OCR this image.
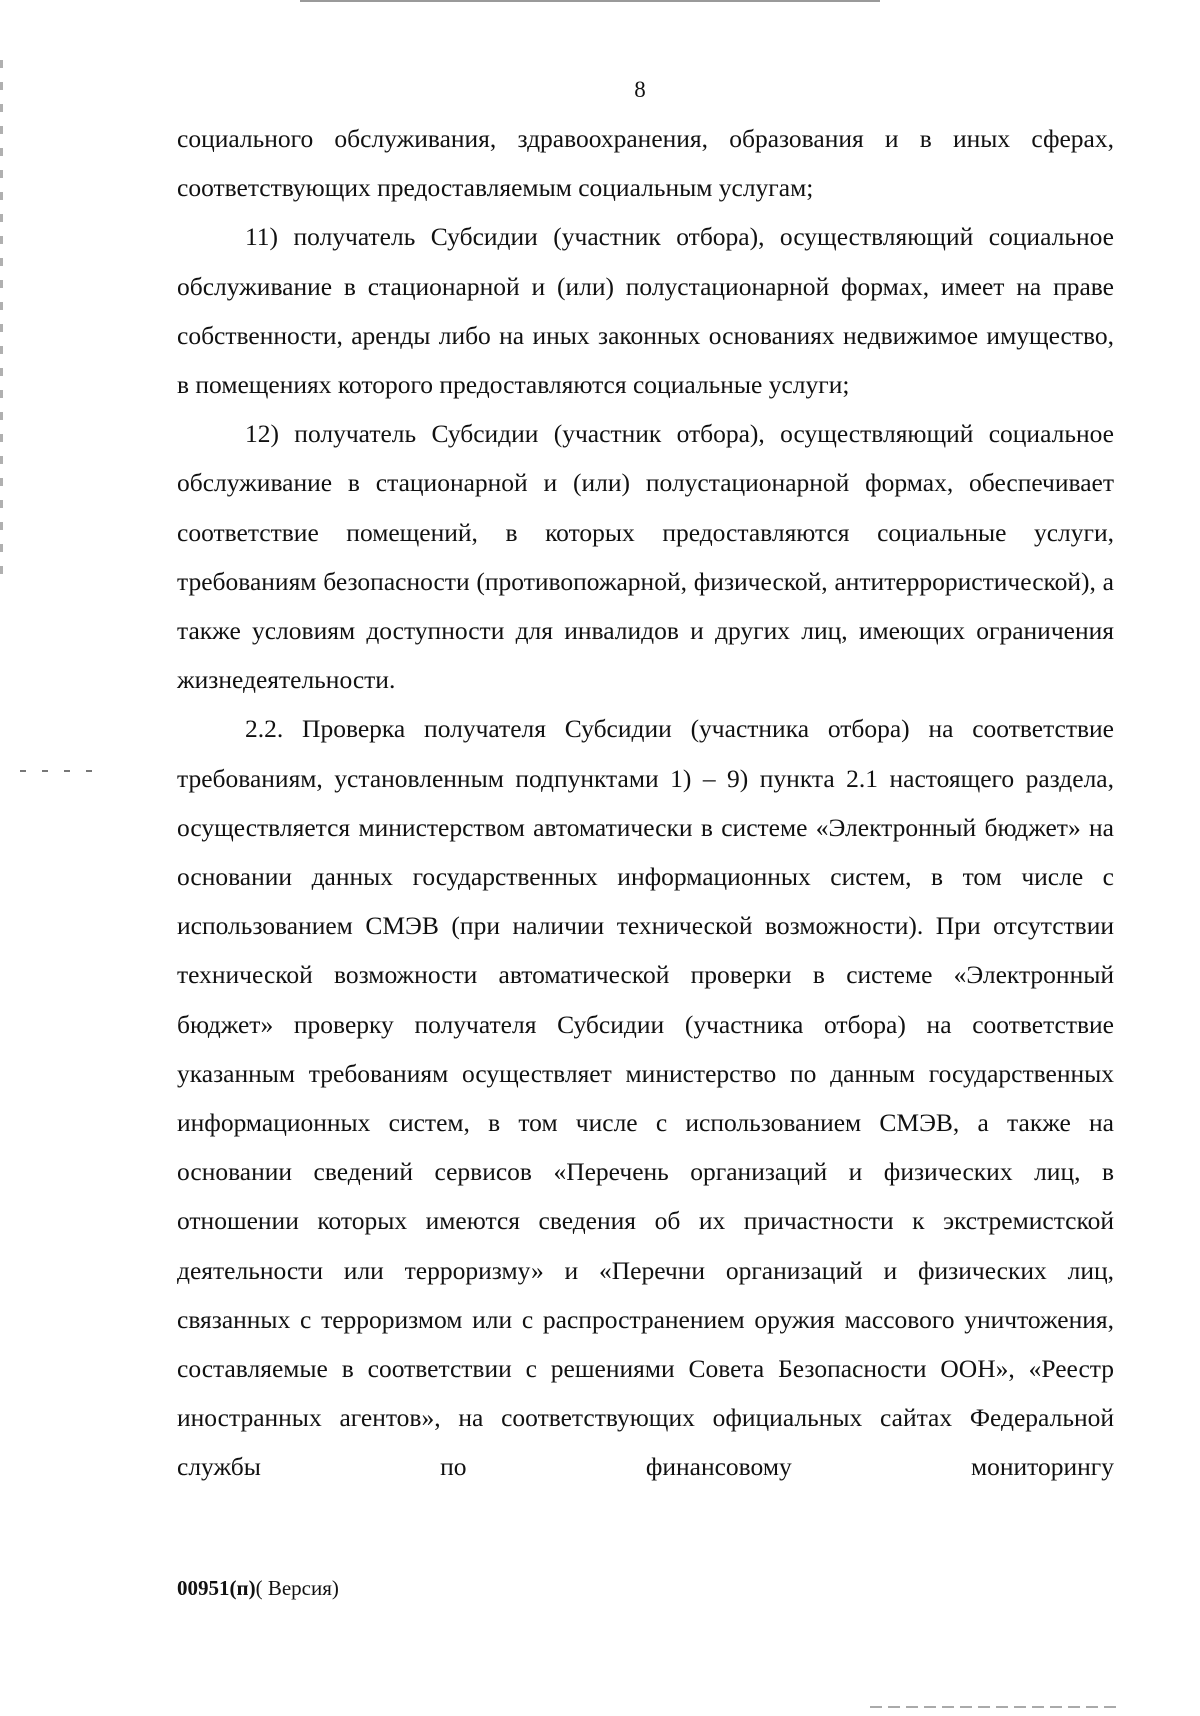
8

социального обслуживания, здравоохранения, образования и в иных сферах, соответствующих предоставляемым социальным услугам;

11) получатель Субсидии (участник отбора), осуществляющий социальное обслуживание в стационарной и (или) полустационарной формах, имеет на праве собственности, аренды либо на иных законных основаниях недвижимое имущество, в помещениях которого предоставляются социальные услуги;

12) получатель Субсидии (участник отбора), осуществляющий социальное обслуживание в стационарной и (или) полустационарной формах, обеспечивает соответствие помещений, в которых предоставляются социальные услуги, требованиям безопасности (противопожарной, физической, антитеррористической), а также условиям доступности для инвалидов и других лиц, имеющих ограничения жизнедеятельности.

2.2. Проверка получателя Субсидии (участника отбора) на соответствие требованиям, установленным подпунктами 1) – 9) пункта 2.1 настоящего раздела, осуществляется министерством автоматически в системе «Электронный бюджет» на основании данных государственных информационных систем, в том числе с использованием СМЭВ (при наличии технической возможности). При отсутствии технической возможности автоматической проверки в системе «Электронный бюджет» проверку получателя Субсидии (участника отбора) на соответствие указанным требованиям осуществляет министерство по данным государственных информационных систем, в том числе с использованием СМЭВ, а также на основании сведений сервисов «Перечень организаций и физических лиц, в отношении которых имеются сведения об их причастности к экстремистской деятельности или терроризму» и «Перечни организаций и физических лиц, связанных с терроризмом или с распространением оружия массового уничтожения, составляемые в соответствии с решениями Совета Безопасности ООН», «Реестр иностранных агентов», на соответствующих официальных сайтах Федеральной службы по финансовому мониторингу

00951(п)( Версия)
